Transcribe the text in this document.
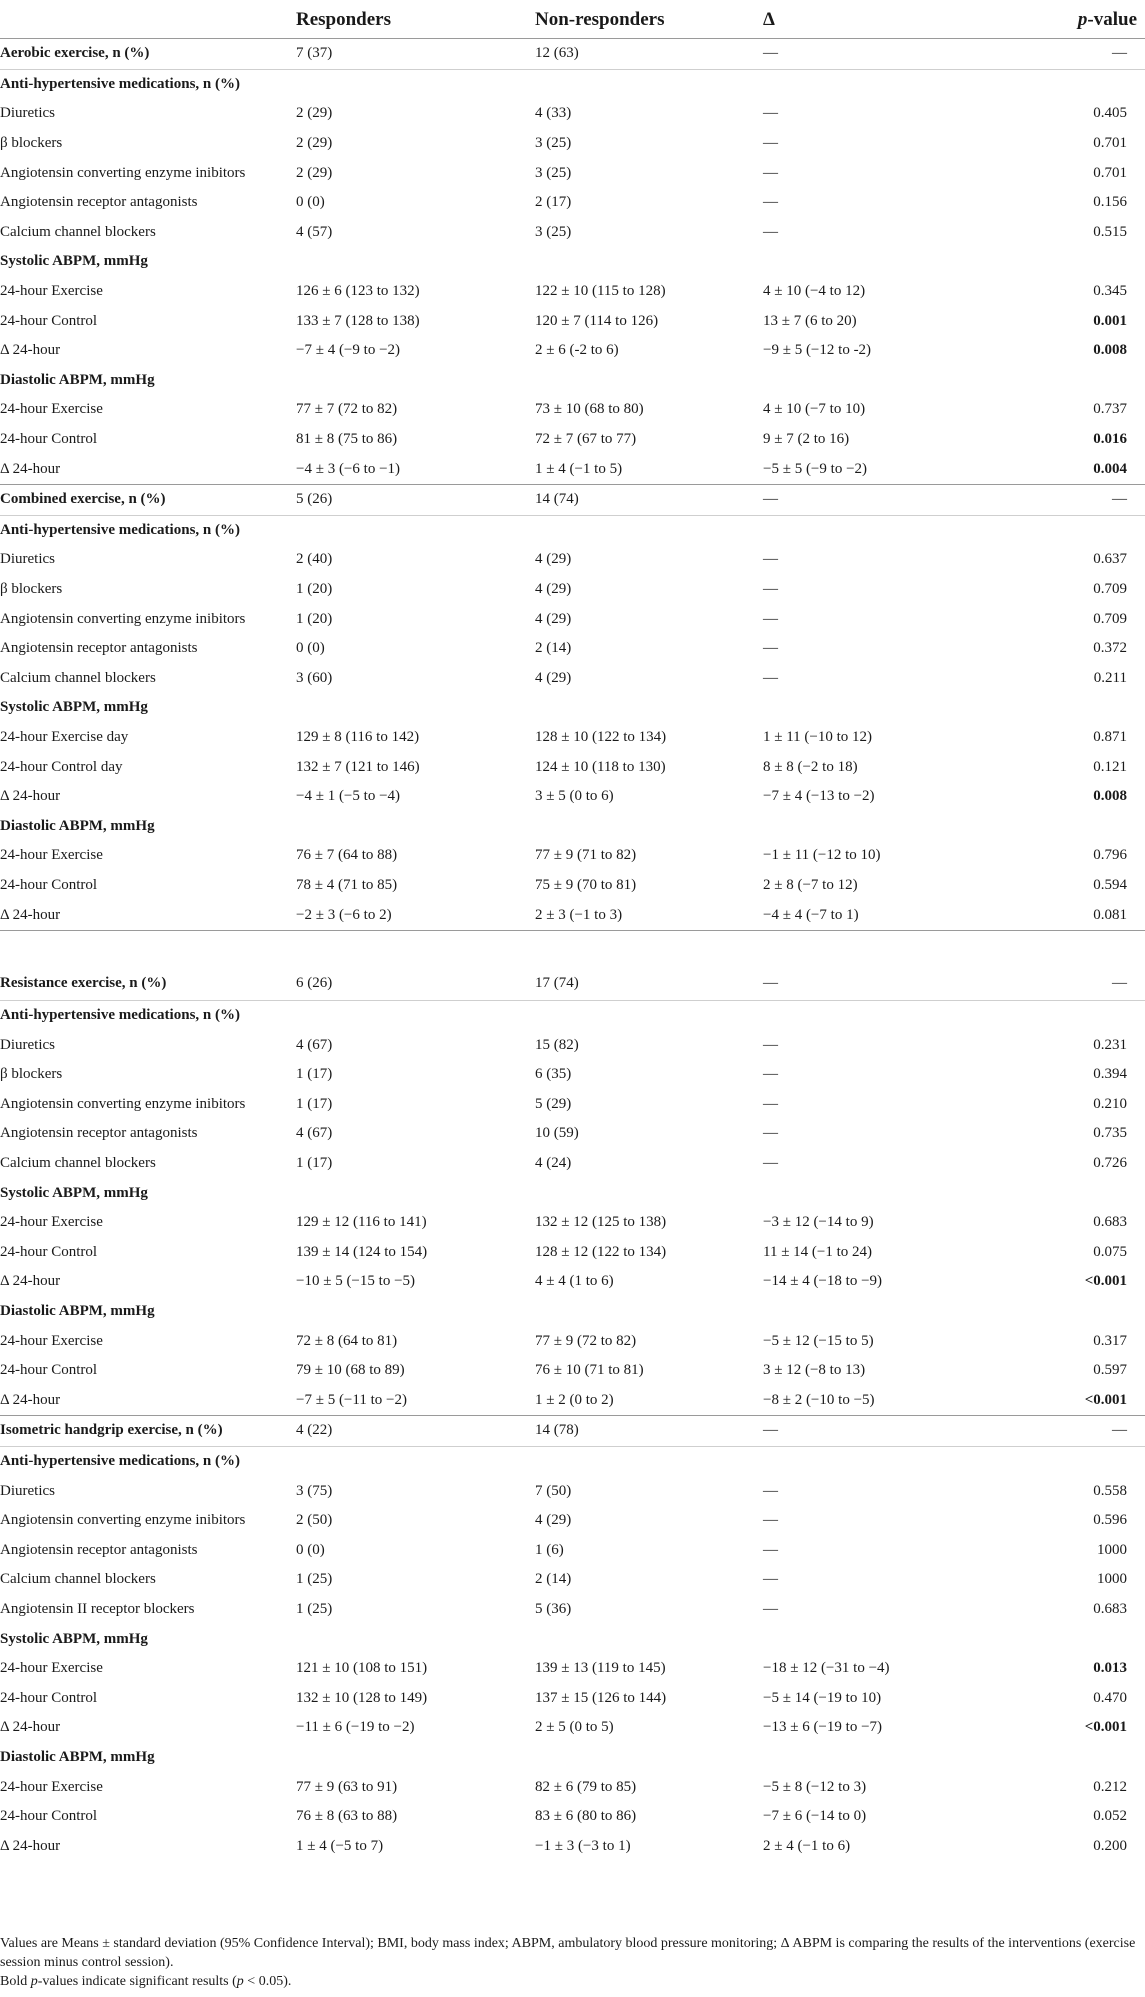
	Responders	Non-responders	Δ	p-value
Aerobic exercise, n (%)	7 (37)	12 (63)	—	—
Anti-hypertensive medications, n (%)				
Diuretics	2 (29)	4 (33)	—	0.405
β blockers	2 (29)	3 (25)	—	0.701
Angiotensin converting enzyme inibitors	2 (29)	3 (25)	—	0.701
Angiotensin receptor antagonists	0 (0)	2 (17)	—	0.156
Calcium channel blockers	4 (57)	3 (25)	—	0.515
Systolic ABPM, mmHg				
24-hour Exercise	126 ± 6 (123 to 132)	122 ± 10 (115 to 128)	4 ± 10 (−4 to 12)	0.345
24-hour Control	133 ± 7 (128 to 138)	120 ± 7 (114 to 126)	13 ± 7 (6 to 20)	0.001
Δ 24-hour	−7 ± 4 (−9 to −2)	2 ± 6 (-2 to 6)	−9 ± 5 (−12 to -2)	0.008
Diastolic ABPM, mmHg				
24-hour Exercise	77 ± 7 (72 to 82)	73 ± 10 (68 to 80)	4 ± 10 (−7 to 10)	0.737
24-hour Control	81 ± 8 (75 to 86)	72 ± 7 (67 to 77)	9 ± 7 (2 to 16)	0.016
Δ 24-hour	−4 ± 3 (−6 to −1)	1 ± 4 (−1 to 5)	−5 ± 5 (−9 to −2)	0.004
Combined exercise, n (%)	5 (26)	14 (74)	—	—
Anti-hypertensive medications, n (%)				
Diuretics	2 (40)	4 (29)	—	0.637
β blockers	1 (20)	4 (29)	—	0.709
Angiotensin converting enzyme inibitors	1 (20)	4 (29)	—	0.709
Angiotensin receptor antagonists	0 (0)	2 (14)	—	0.372
Calcium channel blockers	3 (60)	4 (29)	—	0.211
Systolic ABPM, mmHg				
24-hour Exercise day	129 ± 8 (116 to 142)	128 ± 10 (122 to 134)	1 ± 11 (−10 to 12)	0.871
24-hour Control day	132 ± 7 (121 to 146)	124 ± 10 (118 to 130)	8 ± 8 (−2 to 18)	0.121
Δ 24-hour	−4 ± 1 (−5 to −4)	3 ± 5 (0 to 6)	−7 ± 4 (−13 to −2)	0.008
Diastolic ABPM, mmHg				
24-hour Exercise	76 ± 7 (64 to 88)	77 ± 9 (71 to 82)	−1 ± 11 (−12 to 10)	0.796
24-hour Control	78 ± 4 (71 to 85)	75 ± 9 (70 to 81)	2 ± 8 (−7 to 12)	0.594
Δ 24-hour	−2 ± 3 (−6 to 2)	2 ± 3 (−1 to 3)	−4 ± 4 (−7 to 1)	0.081
Resistance exercise, n (%)	6 (26)	17 (74)	—	—
Anti-hypertensive medications, n (%)				
Diuretics	4 (67)	15 (82)	—	0.231
β blockers	1 (17)	6 (35)	—	0.394
Angiotensin converting enzyme inibitors	1 (17)	5 (29)	—	0.210
Angiotensin receptor antagonists	4 (67)	10 (59)	—	0.735
Calcium channel blockers	1 (17)	4 (24)	—	0.726
Systolic ABPM, mmHg				
24-hour Exercise	129 ± 12 (116 to 141)	132 ± 12 (125 to 138)	−3 ± 12 (−14 to 9)	0.683
24-hour Control	139 ± 14 (124 to 154)	128 ± 12 (122 to 134)	11 ± 14 (−1 to 24)	0.075
Δ 24-hour	−10 ± 5 (−15 to −5)	4 ± 4 (1 to 6)	−14 ± 4 (−18 to −9)	<0.001
Diastolic ABPM, mmHg				
24-hour Exercise	72 ± 8 (64 to 81)	77 ± 9 (72 to 82)	−5 ± 12 (−15 to 5)	0.317
24-hour Control	79 ± 10 (68 to 89)	76 ± 10 (71 to 81)	3 ± 12 (−8 to 13)	0.597
Δ 24-hour	−7 ± 5 (−11 to −2)	1 ± 2 (0 to 2)	−8 ± 2 (−10 to −5)	<0.001
Isometric handgrip exercise, n (%)	4 (22)	14 (78)	—	—
Anti-hypertensive medications, n (%)				
Diuretics	3 (75)	7 (50)	—	0.558
Angiotensin converting enzyme inibitors	2 (50)	4 (29)	—	0.596
Angiotensin receptor antagonists	0 (0)	1 (6)	—	1000
Calcium channel blockers	1 (25)	2 (14)	—	1000
Angiotensin II receptor blockers	1 (25)	5 (36)	—	0.683
Systolic ABPM, mmHg				
24-hour Exercise	121 ± 10 (108 to 151)	139 ± 13 (119 to 145)	−18 ± 12 (−31 to −4)	0.013
24-hour Control	132 ± 10 (128 to 149)	137 ± 15 (126 to 144)	−5 ± 14 (−19 to 10)	0.470
Δ 24-hour	−11 ± 6 (−19 to −2)	2 ± 5 (0 to 5)	−13 ± 6 (−19 to −7)	<0.001
Diastolic ABPM, mmHg				
24-hour Exercise	77 ± 9 (63 to 91)	82 ± 6 (79 to 85)	−5 ± 8 (−12 to 3)	0.212
24-hour Control	76 ± 8 (63 to 88)	83 ± 6 (80 to 86)	−7 ± 6 (−14 to 0)	0.052
Δ 24-hour	1 ± 4 (−5 to 7)	−1 ± 3 (−3 to 1)	2 ± 4 (−1 to 6)	0.200

Values are Means ± standard deviation (95% Confidence Interval); BMI, body mass index; ABPM, ambulatory blood pressure monitoring; Δ ABPM is comparing the results of the interventions (exercise session minus control session).

Bold p-values indicate significant results (p < 0.05).
